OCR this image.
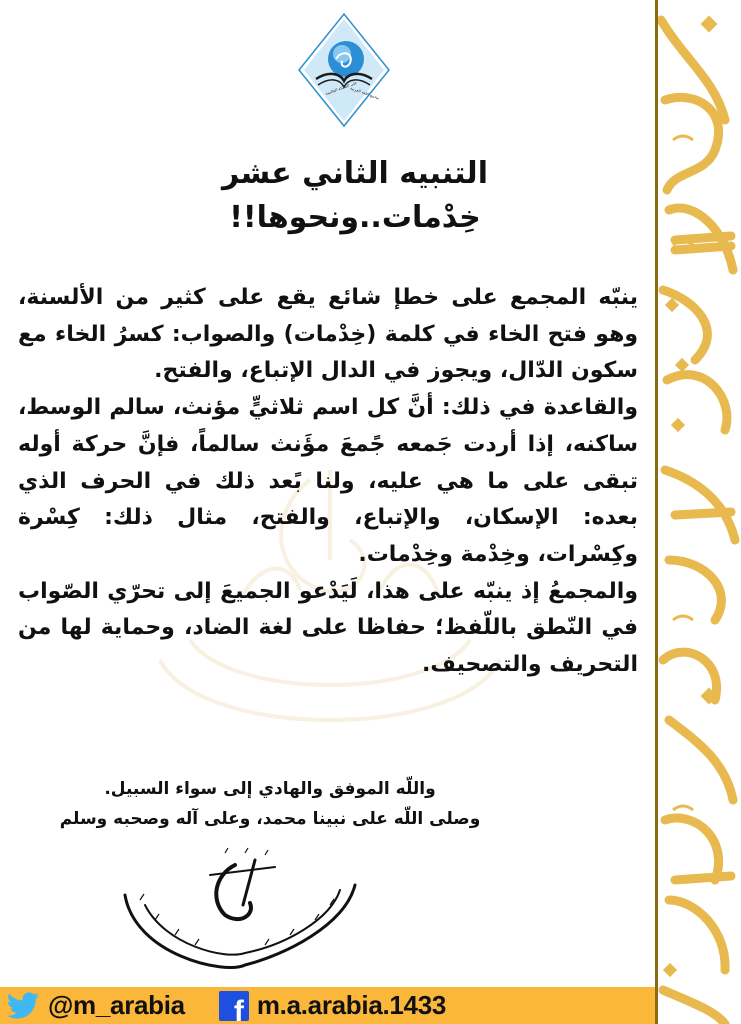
على الشبكة العالمية
مجمع اللغة العربية
التنبيه الثاني عشر
خِدْمات..ونحوها!!

ينبّه المجمع على خطإ شائع يقع على كثير من الألسنة، وهو فتح الخاء في كلمة (خِدْمات) والصواب: كسرُ الخاء مع سكون الدّال، ويجوز في الدال الإتباع، والفتح.

والقاعدة في ذلك: أنَّ كل اسم ثلاثيٍّ مؤنث، سالم الوسط، ساكنه، إذا أردت جَمعه جًمعَ مؤَنث سالماً، فإنَّ حركة أوله تبقى على ما هي عليه، ولنا بًعد ذلك في الحرف الذي بعده: الإسكان، والإتباع، والفتح، مثال ذلك: كِسْرة وكِسْرات، وخِدْمة وخِدْمات.

والمجمعُ إذ ينبّه على هذا، لَيَدْعو الجميعَ إلى تحرّي الصّواب في النّطق باللّفظ؛ حفاظا على لغة الضاد، وحماية لها من التحريف والتصحيف.

واللّه الموفق والهادي إلى سواء السبيل.
وصلى اللّه على نبينا محمد، وعلى آله وصحبه وسلم
@m_arabia f m.a.arabia.1433
